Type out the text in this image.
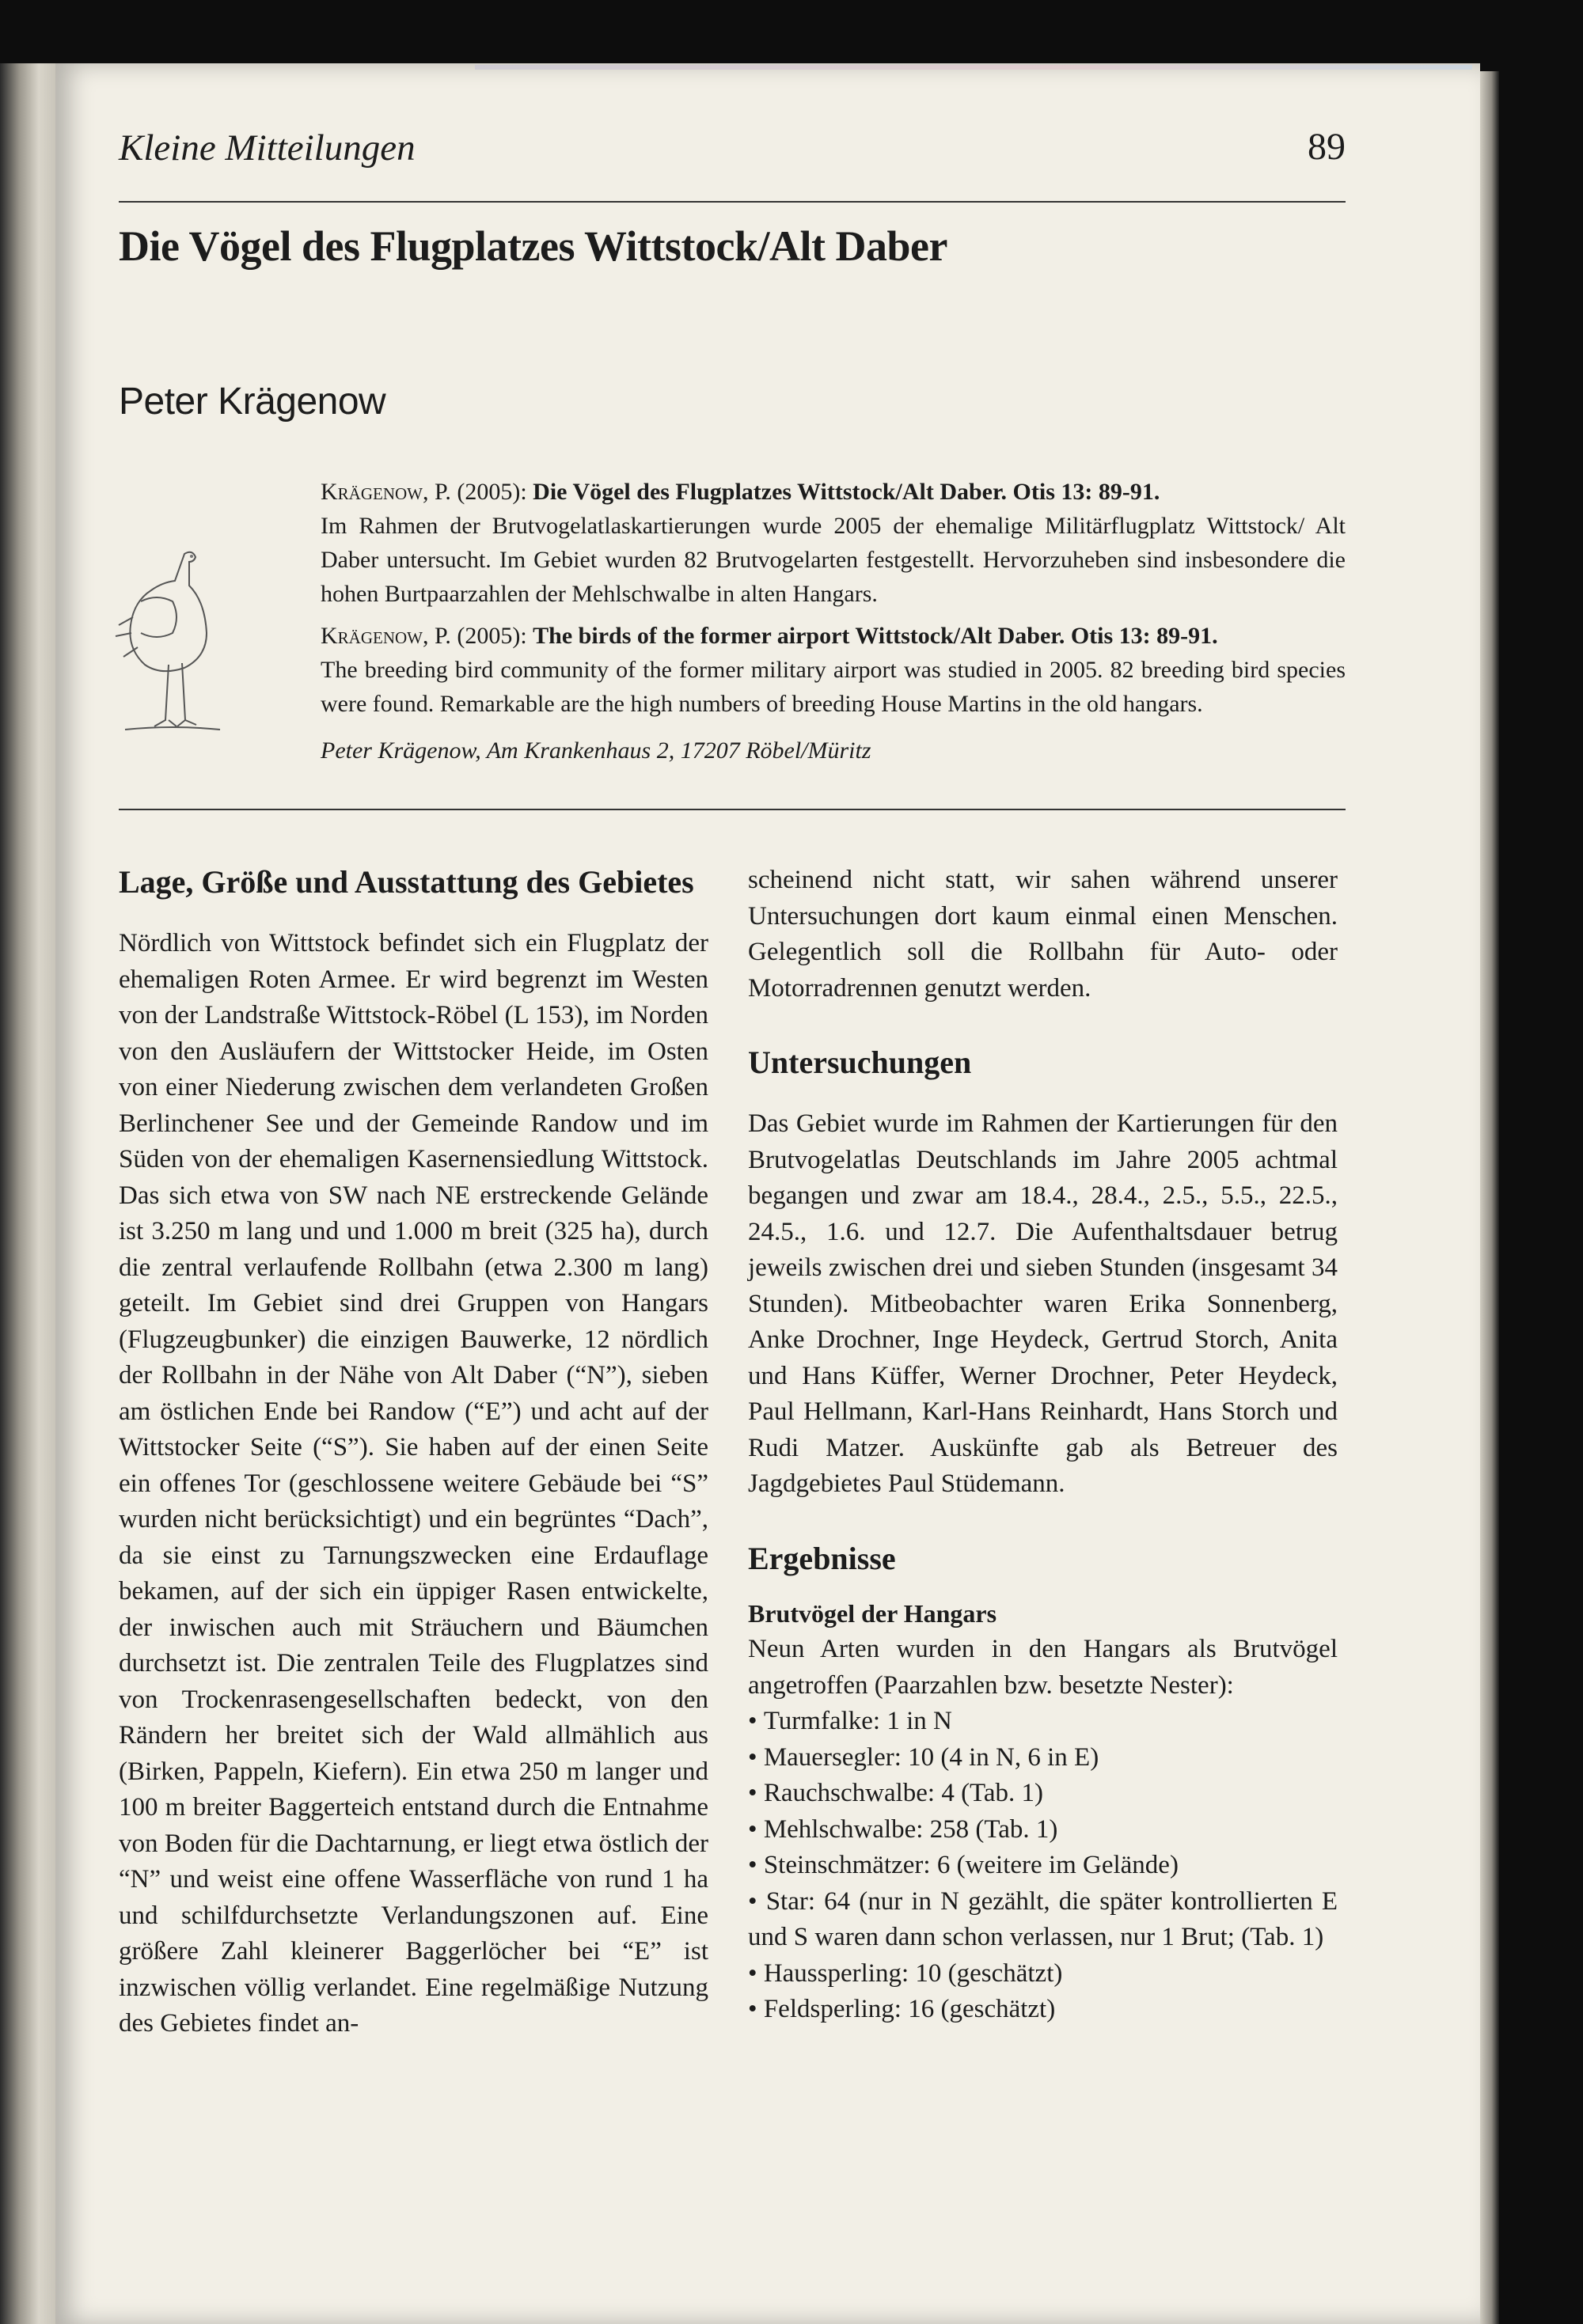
Kleine Mitteilungen	89
Die Vögel des Flugplatzes Wittstock/Alt Daber
Peter Krägenow

Krägenow, P. (2005): Die Vögel des Flugplatzes Wittstock/Alt Daber. Otis 13: 89-91.

Im Rahmen der Brutvogelatlaskartierungen wurde 2005 der ehemalige Militärflugplatz Wittstock/ Alt Daber untersucht. Im Gebiet wurden 82 Brutvogelarten festgestellt. Hervorzuheben sind insbesondere die hohen Burtpaarzahlen der Mehlschwalbe in alten Hangars.

Krägenow, P. (2005): The birds of the former airport Wittstock/Alt Daber. Otis 13: 89-91.

The breeding bird community of the former military airport was studied in 2005. 82 breeding bird species were found. Remarkable are the high numbers of breeding House Martins in the old hangars.

Peter Krägenow, Am Krankenhaus 2, 17207 Röbel/Müritz

Lage, Größe und Ausstattung des Gebietes

Nördlich von Wittstock befindet sich ein Flugplatz der ehemaligen Roten Armee. Er wird begrenzt im Westen von der Landstraße Wittstock-Röbel (L 153), im Norden von den Ausläufern der Wittstocker Heide, im Osten von einer Niederung zwischen dem verlandeten Großen Berlinchener See und der Gemeinde Randow und im Süden von der ehemaligen Kasernensiedlung Wittstock. Das sich etwa von SW nach NE erstreckende Gelände ist 3.250 m lang und und 1.000 m breit (325 ha), durch die zentral verlaufende Rollbahn (etwa 2.300 m lang) geteilt. Im Gebiet sind drei Gruppen von Hangars (Flugzeugbunker) die einzigen Bauwerke, 12 nördlich der Rollbahn in der Nähe von Alt Daber (“N”), sieben am östlichen Ende bei Randow (“E”) und acht auf der Wittstocker Seite (“S”). Sie haben auf der einen Seite ein offenes Tor (geschlossene weitere Gebäude bei “S” wurden nicht berücksichtigt) und ein begrüntes “Dach”, da sie einst zu Tarnungszwecken eine Erdauflage bekamen, auf der sich ein üppiger Rasen entwickelte, der inwischen auch mit Sträuchern und Bäumchen durchsetzt ist. Die zentralen Teile des Flugplatzes sind von Trockenrasengesellschaften bedeckt, von den Rändern her breitet sich der Wald allmählich aus (Birken, Pappeln, Kiefern). Ein etwa 250 m langer und 100 m breiter Baggerteich entstand durch die Entnahme von Boden für die Dachtarnung, er liegt etwa östlich der “N” und weist eine offene Wasserfläche von rund 1 ha und schilfdurchsetzte Verlandungszonen auf. Eine größere Zahl kleinerer Baggerlöcher bei “E” ist inzwischen völlig verlandet. Eine regelmäßige Nutzung des Gebietes findet an-

scheinend nicht statt, wir sahen während unserer Untersuchungen dort kaum einmal einen Menschen. Gelegentlich soll die Rollbahn für Auto- oder Motorradrennen genutzt werden.

Untersuchungen

Das Gebiet wurde im Rahmen der Kartierungen für den Brutvogelatlas Deutschlands im Jahre 2005 achtmal begangen und zwar am 18.4., 28.4., 2.5., 5.5., 22.5., 24.5., 1.6. und 12.7. Die Aufenthaltsdauer betrug jeweils zwischen drei und sieben Stunden (insgesamt 34 Stunden). Mitbeobachter waren Erika Sonnenberg, Anke Drochner, Inge Heydeck, Gertrud Storch, Anita und Hans Küffer, Werner Drochner, Peter Heydeck, Paul Hellmann, Karl-Hans Reinhardt, Hans Storch und Rudi Matzer. Auskünfte gab als Betreuer des Jagdgebietes Paul Stüdemann.

Ergebnisse
Brutvögel der Hangars

Neun Arten wurden in den Hangars als Brutvögel angetroffen (Paarzahlen bzw. besetzte Nester):

• Turmfalke: 1 in N
• Mauersegler: 10 (4 in N, 6 in E)
• Rauchschwalbe: 4 (Tab. 1)
• Mehlschwalbe: 258 (Tab. 1)
• Steinschmätzer: 6 (weitere im Gelände)
• Star: 64 (nur in N gezählt, die später kontrollierten E und S waren dann schon verlassen, nur 1 Brut; (Tab. 1)
• Haussperling: 10 (geschätzt)
• Feldsperling: 16 (geschätzt)
